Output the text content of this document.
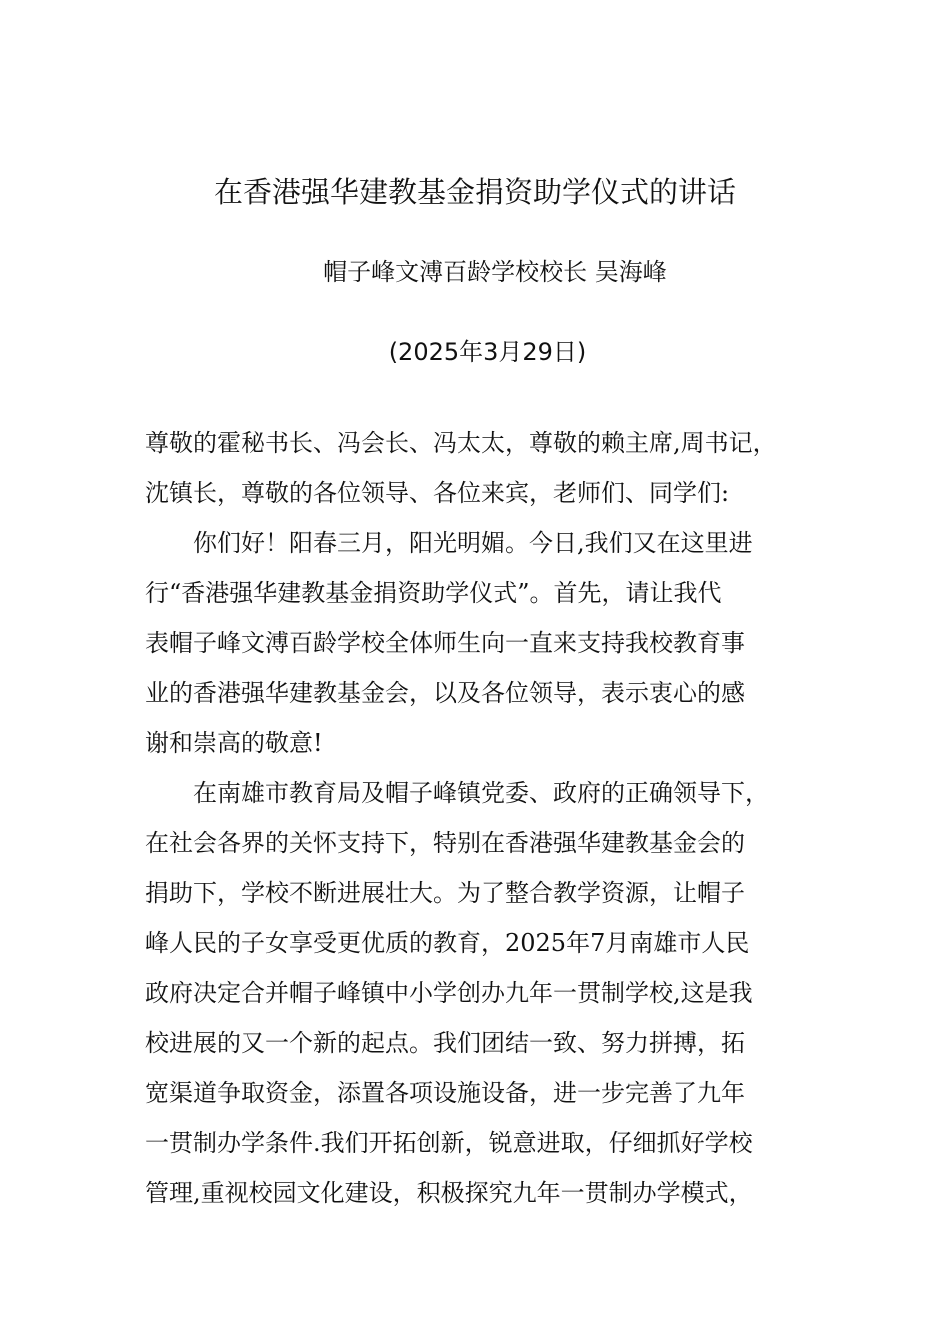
在香港强华建教基金捐资助学仪式的讲话
帽子峰文溥百龄学校校长 吴海峰
(2025年3月29日)
尊敬的霍秘书长、冯会长、冯太太，尊敬的赖主席,周书记，
沈镇长，尊敬的各位领导、各位来宾，老师们、同学们:
　　你们好！阳春三月，阳光明媚。今日,我们又在这里进
行“香港强华建教基金捐资助学仪式”。首先，请让我代
表帽子峰文溥百龄学校全体师生向一直来支持我校教育事
业的香港强华建教基金会，以及各位领导，表示衷心的感
谢和崇高的敬意!
　　在南雄市教育局及帽子峰镇党委、政府的正确领导下，
在社会各界的关怀支持下，特别在香港强华建教基金会的
捐助下，学校不断进展壮大。为了整合教学资源，让帽子
峰人民的子女享受更优质的教育，2025年7月南雄市人民
政府决定合并帽子峰镇中小学创办九年一贯制学校,这是我
校进展的又一个新的起点。我们团结一致、努力拼搏，拓
宽渠道争取资金，添置各项设施设备，进一步完善了九年
一贯制办学条件.我们开拓创新，锐意进取，仔细抓好学校
管理,重视校园文化建设，积极探究九年一贯制办学模式，
